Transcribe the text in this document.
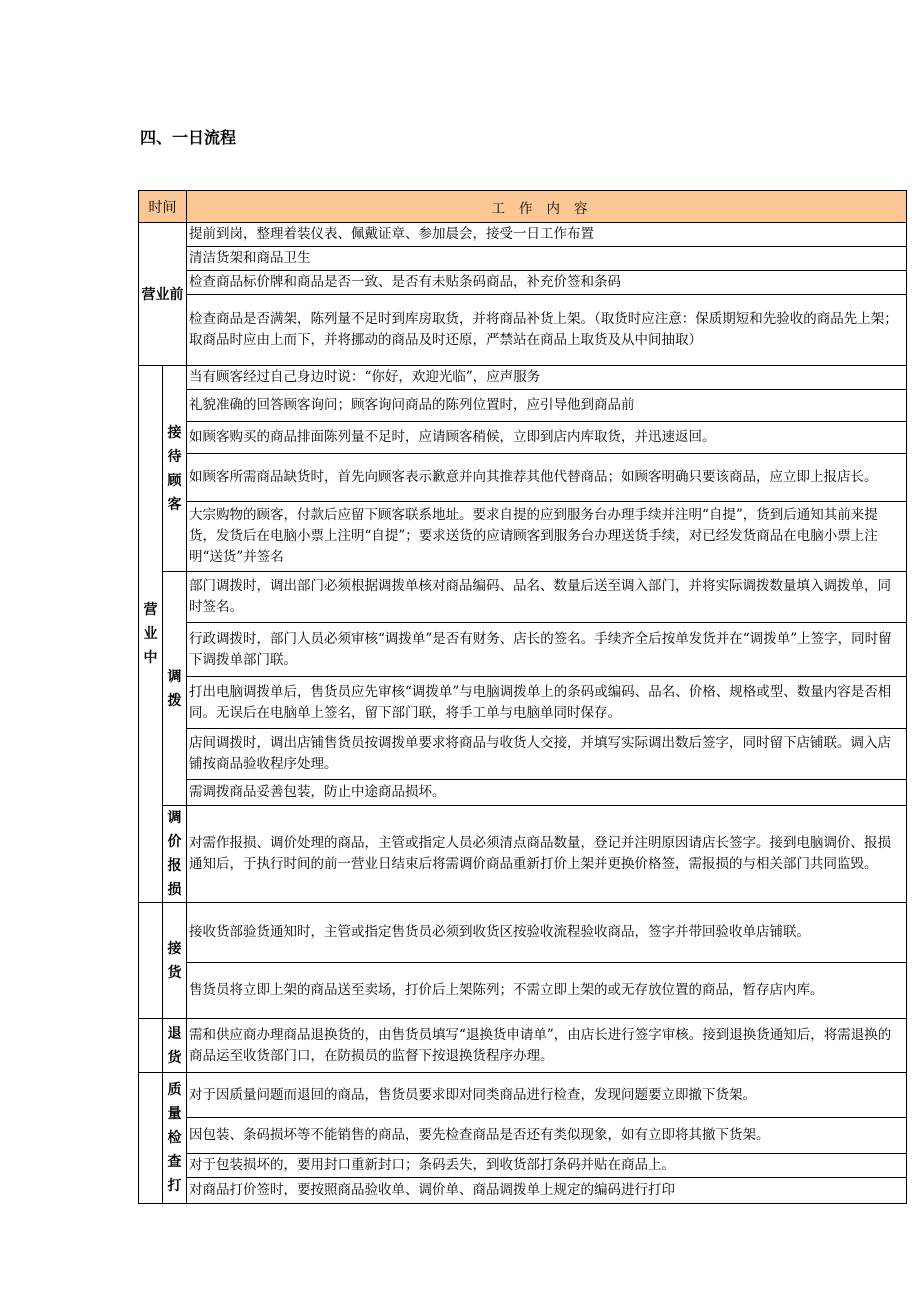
四、一日流程
时间		工作内容
营业前		提前到岗，整理着装仪表、佩戴证章、参加晨会，接受一日工作布置
		清洁货架和商品卫生
		检查商品标价牌和商品是否一致、是否有未贴条码商品，补充价签和条码
		检查商品是否满架，陈列量不足时到库房取货，并将商品补货上架。（取货时应注意：保质期短和先验收的商品先上架；取商品时应由上而下，并将挪动的商品及时还原，严禁站在商品上取货及从中间抽取）
营业中	接待顾客	当有顾客经过自己身边时说：“你好，欢迎光临”，应声服务
		礼貌准确的回答顾客询问；顾客询问商品的陈列位置时，应引导他到商品前
		如顾客购买的商品排面陈列量不足时，应请顾客稍候，立即到店内库取货，并迅速返回。
		如顾客所需商品缺货时，首先向顾客表示歉意并向其推荐其他代替商品；如顾客明确只要该商品，应立即上报店长。
		大宗购物的顾客，付款后应留下顾客联系地址。要求自提的应到服务台办理手续并注明“自提”，货到后通知其前来提货，发货后在电脑小票上注明“自提”；要求送货的应请顾客到服务台办理送货手续，对已经发货商品在电脑小票上注明“送货”并签名
	调拨	部门调拨时，调出部门必须根据调拨单核对商品编码、品名、数量后送至调入部门，并将实际调拨数量填入调拨单，同时签名。
		行政调拨时，部门人员必须审核“调拨单”是否有财务、店长的签名。手续齐全后按单发货并在“调拨单”上签字，同时留下调拨单部门联。
		打出电脑调拨单后，售货员应先审核“调拨单”与电脑调拨单上的条码或编码、品名、价格、规格或型、数量内容是否相同。无误后在电脑单上签名，留下部门联，将手工单与电脑单同时保存。
		店间调拨时，调出店铺售货员按调拨单要求将商品与收货人交接，并填写实际调出数后签字，同时留下店铺联。调入店铺按商品验收程序处理。
		需调拨商品妥善包装，防止中途商品损坏。
	调价报损	对需作报损、调价处理的商品，主管或指定人员必须清点商品数量，登记并注明原因请店长签字。接到电脑调价、报损通知后，于执行时间的前一营业日结束后将需调价商品重新打价上架并更换价格签，需报损的与相关部门共同监毁。
	接货	接收货部验货通知时，主管或指定售货员必须到收货区按验收流程验收商品，签字并带回验收单店铺联。
		售货员将立即上架的商品送至卖场，打价后上架陈列；不需立即上架的或无存放位置的商品，暂存店内库。
	退货	需和供应商办理商品退换货的，由售货员填写“退换货申请单”，由店长进行签字审核。接到退换货通知后，将需退换的商品运至收货部门口，在防损员的监督下按退换货程序办理。
	质量检查打	对于因质量问题而退回的商品，售货员要求即对同类商品进行检查，发现问题要立即撤下货架。
		因包装、条码损坏等不能销售的商品，要先检查商品是否还有类似现象，如有立即将其撤下货架。
		对于包装损坏的，要用封口重新封口；条码丢失，到收货部打条码并贴在商品上。
		对商品打价签时，要按照商品验收单、调价单、商品调拨单上规定的编码进行打印
